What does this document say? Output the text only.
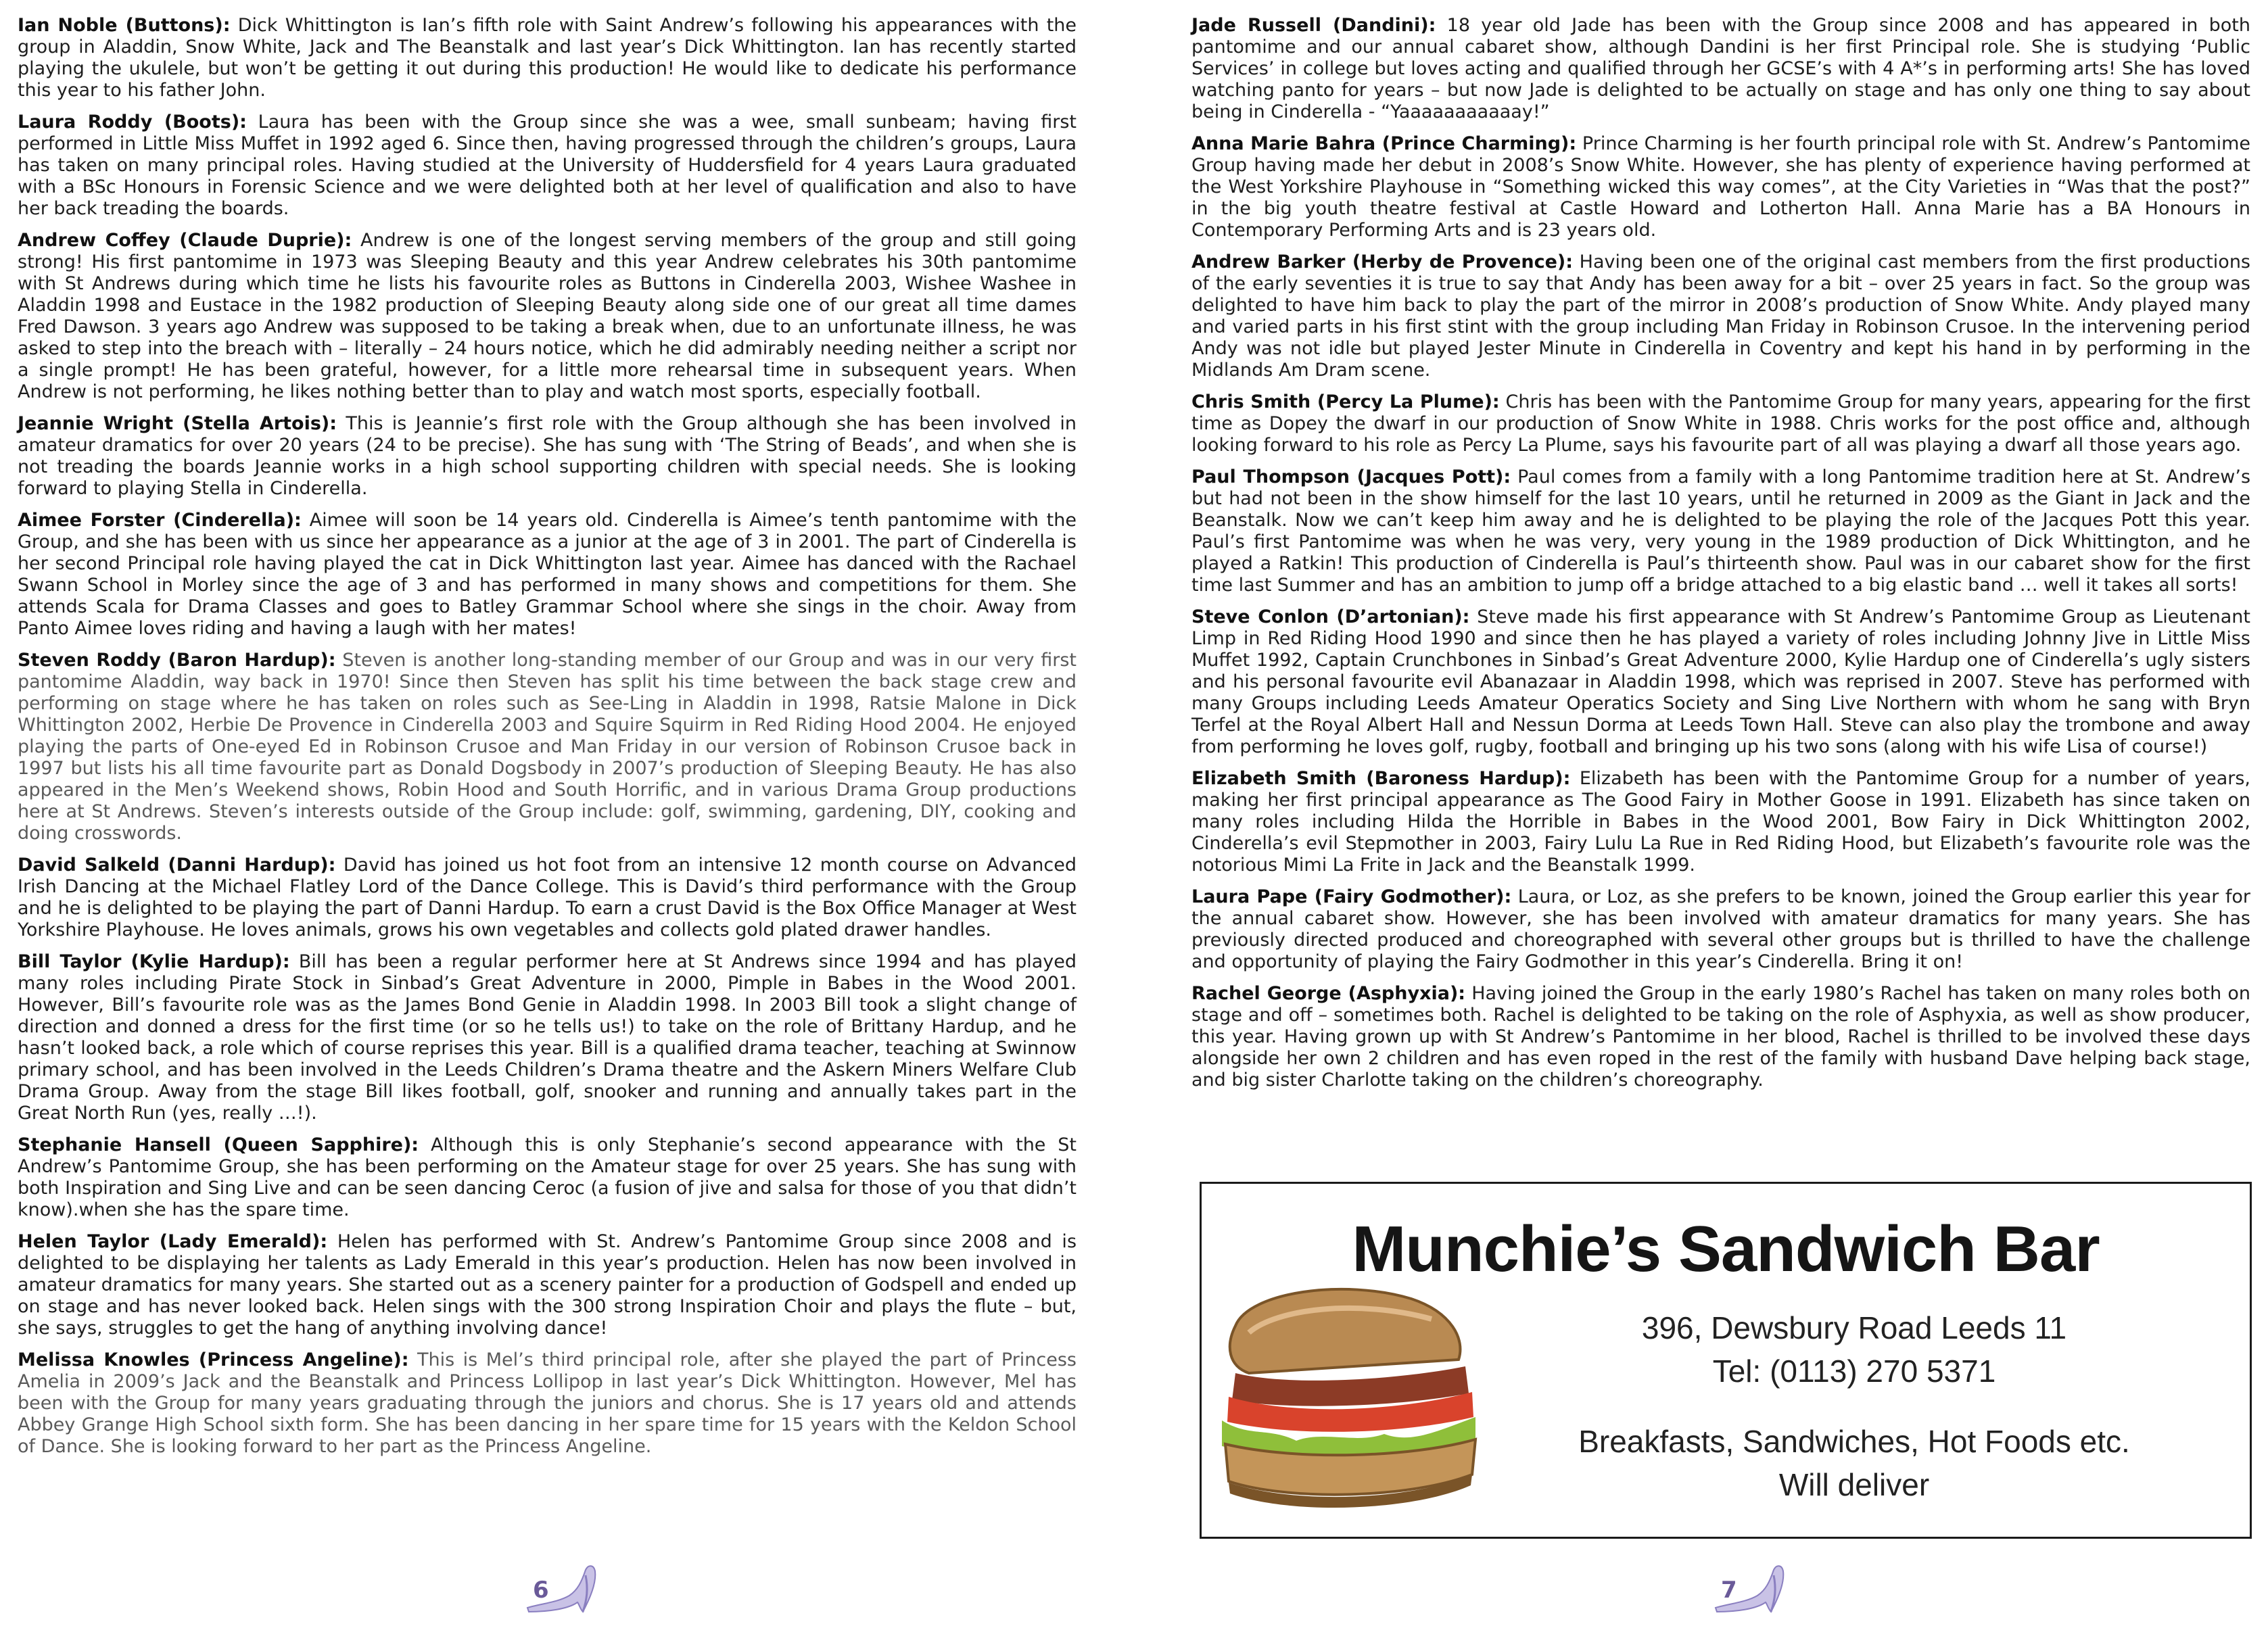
Ian Noble (Buttons): Dick Whittington is Ian’s fifth role with Saint Andrew’s following his appearances with the group in Aladdin, Snow White, Jack and The Beanstalk and last year’s Dick Whittington. Ian has recently started playing the ukulele, but won’t be getting it out during this production! He would like to dedicate his performance this year to his father John.

Laura Roddy (Boots): Laura has been with the Group since she was a wee, small sunbeam; having first performed in Little Miss Muffet in 1992 aged 6. Since then, having progressed through the children’s groups, Laura has taken on many principal roles. Having studied at the University of Huddersfield for 4 years Laura graduated with a BSc Honours in Forensic Science and we were delighted both at her level of qualification and also to have her back treading the boards.

Andrew Coffey (Claude Duprie): Andrew is one of the longest serving members of the group and still going strong! His first pantomime in 1973 was Sleeping Beauty and this year Andrew celebrates his 30th pantomime with St Andrews during which time he lists his favourite roles as Buttons in Cinderella 2003, Wishee Washee in Aladdin 1998 and Eustace in the 1982 production of Sleeping Beauty along side one of our great all time dames Fred Dawson. 3 years ago Andrew was supposed to be taking a break when, due to an unfortunate illness, he was asked to step into the breach with – literally – 24 hours notice, which he did admirably needing neither a script nor a single prompt! He has been grateful, however, for a little more rehearsal time in subsequent years. When Andrew is not performing, he likes nothing better than to play and watch most sports, especially football.

Jeannie Wright (Stella Artois): This is Jeannie’s first role with the Group although she has been involved in amateur dramatics for over 20 years (24 to be precise). She has sung with ‘The String of Beads’, and when she is not treading the boards Jeannie works in a high school supporting children with special needs. She is looking forward to playing Stella in Cinderella.

Aimee Forster (Cinderella): Aimee will soon be 14 years old. Cinderella is Aimee’s tenth pantomime with the Group, and she has been with us since her appearance as a junior at the age of 3 in 2001. The part of Cinderella is her second Principal role having played the cat in Dick Whittington last year. Aimee has danced with the Rachael Swann School in Morley since the age of 3 and has performed in many shows and competitions for them. She attends Scala for Drama Classes and goes to Batley Grammar School where she sings in the choir. Away from Panto Aimee loves riding and having a laugh with her mates!

Steven Roddy (Baron Hardup): Steven is another long-standing member of our Group and was in our very first pantomime Aladdin, way back in 1970! Since then Steven has split his time between the back stage crew and performing on stage where he has taken on roles such as See-Ling in Aladdin in 1998, Ratsie Malone in Dick Whittington 2002, Herbie De Provence in Cinderella 2003 and Squire Squirm in Red Riding Hood 2004. He enjoyed playing the parts of One-eyed Ed in Robinson Crusoe and Man Friday in our version of Robinson Crusoe back in 1997 but lists his all time favourite part as Donald Dogsbody in 2007’s production of Sleeping Beauty. He has also appeared in the Men’s Weekend shows, Robin Hood and South Horrific, and in various Drama Group productions here at St Andrews. Steven’s interests outside of the Group include: golf, swimming, gardening, DIY, cooking and doing crosswords.

David Salkeld (Danni Hardup): David has joined us hot foot from an intensive 12 month course on Advanced Irish Dancing at the Michael Flatley Lord of the Dance College. This is David’s third performance with the Group and he is delighted to be playing the part of Danni Hardup. To earn a crust David is the Box Office Manager at West Yorkshire Playhouse. He loves animals, grows his own vegetables and collects gold plated drawer handles.

Bill Taylor (Kylie Hardup): Bill has been a regular performer here at St Andrews since 1994 and has played many roles including Pirate Stock in Sinbad’s Great Adventure in 2000, Pimple in Babes in the Wood 2001. However, Bill’s favourite role was as the James Bond Genie in Aladdin 1998. In 2003 Bill took a slight change of direction and donned a dress for the first time (or so he tells us!) to take on the role of Brittany Hardup, and he hasn’t looked back, a role which of course reprises this year. Bill is a qualified drama teacher, teaching at Swinnow primary school, and has been involved in the Leeds Children’s Drama theatre and the Askern Miners Welfare Club Drama Group. Away from the stage Bill likes football, golf, snooker and running and annually takes part in the Great North Run (yes, really …!).

Stephanie Hansell (Queen Sapphire): Although this is only Stephanie’s second appearance with the St Andrew’s Pantomime Group, she has been performing on the Amateur stage for over 25 years. She has sung with both Inspiration and Sing Live and can be seen dancing Ceroc (a fusion of jive and salsa for those of you that didn’t know).when she has the spare time.

Helen Taylor (Lady Emerald): Helen has performed with St. Andrew’s Pantomime Group since 2008 and is delighted to be displaying her talents as Lady Emerald in this year’s production. Helen has now been involved in amateur dramatics for many years. She started out as a scenery painter for a production of Godspell and ended up on stage and has never looked back. Helen sings with the 300 strong Inspiration Choir and plays the flute – but, she says, struggles to get the hang of anything involving dance!

Melissa Knowles (Princess Angeline): This is Mel’s third principal role, after she played the part of Princess Amelia in 2009’s Jack and the Beanstalk and Princess Lollipop in last year’s Dick Whittington. However, Mel has been with the Group for many years graduating through the juniors and chorus. She is 17 years old and attends Abbey Grange High School sixth form. She has been dancing in her spare time for 15 years with the Keldon School of Dance. She is looking forward to her part as the Princess Angeline.

6

Jade Russell (Dandini): 18 year old Jade has been with the Group since 2008 and has appeared in both pantomime and our annual cabaret show, although Dandini is her first Principal role. She is studying ‘Public Services’ in college but loves acting and qualified through her GCSE’s with 4 A*’s in performing arts! She has loved watching panto for years – but now Jade is delighted to be actually on stage and has only one thing to say about being in Cinderella - “Yaaaaaaaaaaay!”

Anna Marie Bahra (Prince Charming): Prince Charming is her fourth principal role with St. Andrew’s Pantomime Group having made her debut in 2008’s Snow White. However, she has plenty of experience having performed at the West Yorkshire Playhouse in “Something wicked this way comes”, at the City Varieties in “Was that the post?” in the big youth theatre festival at Castle Howard and Lotherton Hall. Anna Marie has a BA Honours in Contemporary Performing Arts and is 23 years old.

Andrew Barker (Herby de Provence): Having been one of the original cast members from the first productions of the early seventies it is true to say that Andy has been away for a bit – over 25 years in fact. So the group was delighted to have him back to play the part of the mirror in 2008’s production of Snow White. Andy played many and varied parts in his first stint with the group including Man Friday in Robinson Crusoe. In the intervening period Andy was not idle but played Jester Minute in Cinderella in Coventry and kept his hand in by performing in the Midlands Am Dram scene.

Chris Smith (Percy La Plume): Chris has been with the Pantomime Group for many years, appearing for the first time as Dopey the dwarf in our production of Snow White in 1988. Chris works for the post office and, although looking forward to his role as Percy La Plume, says his favourite part of all was playing a dwarf all those years ago.

Paul Thompson (Jacques Pott): Paul comes from a family with a long Pantomime tradition here at St. Andrew’s but had not been in the show himself for the last 10 years, until he returned in 2009 as the Giant in Jack and the Beanstalk. Now we can’t keep him away and he is delighted to be playing the role of the Jacques Pott this year. Paul’s first Pantomime was when he was very, very young in the 1989 production of Dick Whittington, and he played a Ratkin! This production of Cinderella is Paul’s thirteenth show. Paul was in our cabaret show for the first time last Summer and has an ambition to jump off a bridge attached to a big elastic band … well it takes all sorts!

Steve Conlon (D’artonian): Steve made his first appearance with St Andrew’s Pantomime Group as Lieutenant Limp in Red Riding Hood 1990 and since then he has played a variety of roles including Johnny Jive in Little Miss Muffet 1992, Captain Crunchbones in Sinbad’s Great Adventure 2000, Kylie Hardup one of Cinderella’s ugly sisters and his personal favourite evil Abanazaar in Aladdin 1998, which was reprised in 2007. Steve has performed with many Groups including Leeds Amateur Operatics Society and Sing Live Northern with whom he sang with Bryn Terfel at the Royal Albert Hall and Nessun Dorma at Leeds Town Hall. Steve can also play the trombone and away from performing he loves golf, rugby, football and bringing up his two sons (along with his wife Lisa of course!)

Elizabeth Smith (Baroness Hardup): Elizabeth has been with the Pantomime Group for a number of years, making her first principal appearance as The Good Fairy in Mother Goose in 1991. Elizabeth has since taken on many roles including Hilda the Horrible in Babes in the Wood 2001, Bow Fairy in Dick Whittington 2002, Cinderella’s evil Stepmother in 2003, Fairy Lulu La Rue in Red Riding Hood, but Elizabeth’s favourite role was the notorious Mimi La Frite in Jack and the Beanstalk 1999.

Laura Pape (Fairy Godmother): Laura, or Loz, as she prefers to be known, joined the Group earlier this year for the annual cabaret show. However, she has been involved with amateur dramatics for many years. She has previously directed produced and choreographed with several other groups but is thrilled to have the challenge and opportunity of playing the Fairy Godmother in this year’s Cinderella. Bring it on!

Rachel George (Asphyxia): Having joined the Group in the early 1980’s Rachel has taken on many roles both on stage and off – sometimes both. Rachel is delighted to be taking on the role of Asphyxia, as well as show producer, this year. Having grown up with St Andrew’s Pantomime in her blood, Rachel is thrilled to be involved these days alongside her own 2 children and has even roped in the rest of the family with husband Dave helping back stage, and big sister Charlotte taking on the children’s choreography.

7
Munchie’s Sandwich Bar
396, Dewsbury Road Leeds 11
Tel: (0113) 270 5371
Breakfasts, Sandwiches, Hot Foods etc.
Will deliver
